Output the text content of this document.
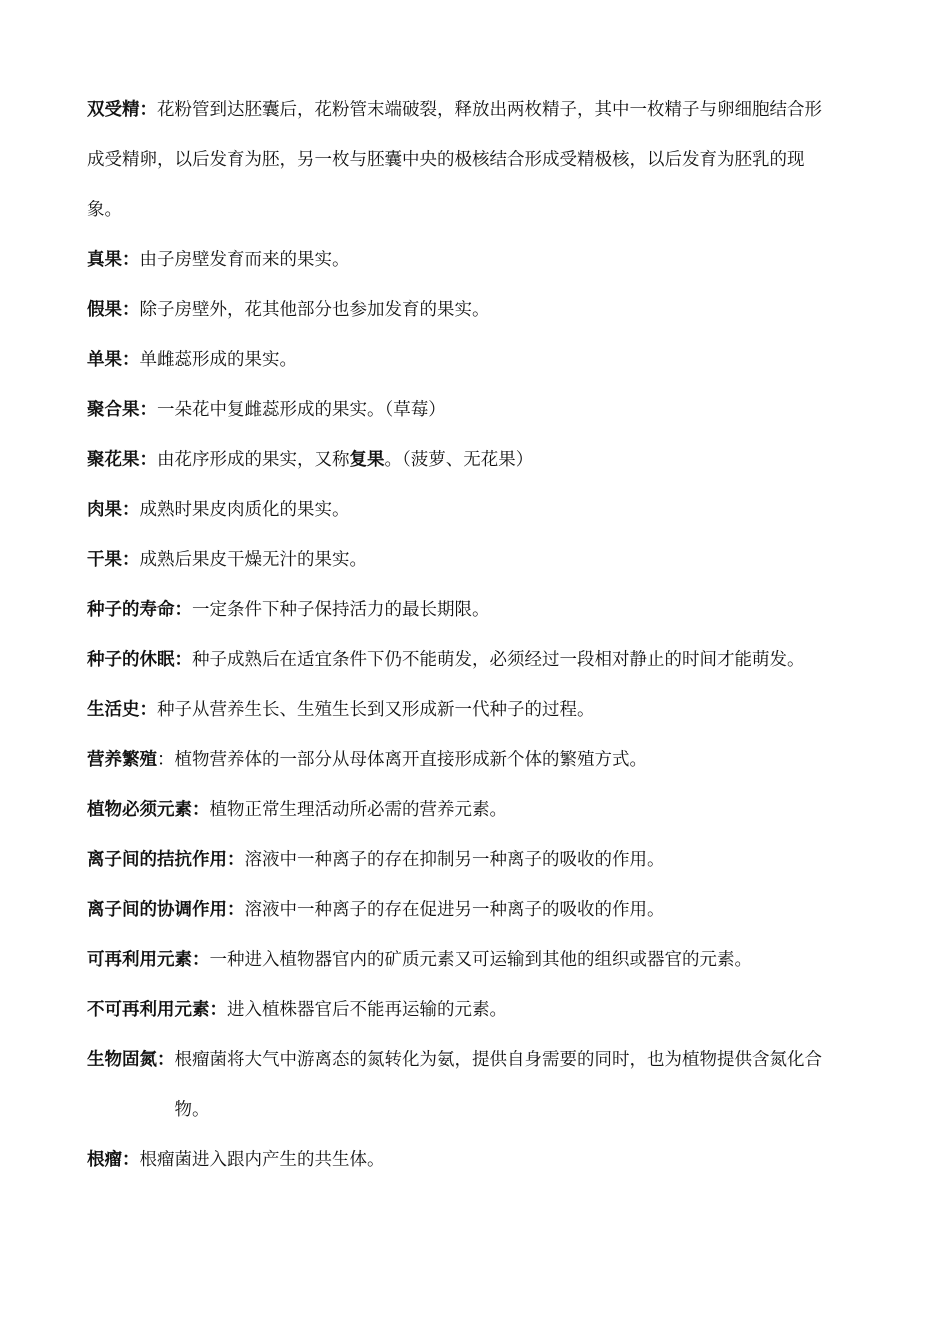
双受精：花粉管到达胚囊后，花粉管末端破裂，释放出两枚精子，其中一枚精子与卵细胞结合形成受精卵，以后发育为胚，另一枚与胚囊中央的极核结合形成受精极核，以后发育为胚乳的现象。

真果：由子房壁发育而来的果实。

假果：除子房壁外，花其他部分也参加发育的果实。

单果：单雌蕊形成的果实。

聚合果：一朵花中复雌蕊形成的果实。（草莓）

聚花果：由花序形成的果实，又称复果。（菠萝、无花果）

肉果：成熟时果皮肉质化的果实。

干果：成熟后果皮干燥无汁的果实。

种子的寿命：一定条件下种子保持活力的最长期限。

种子的休眠：种子成熟后在适宜条件下仍不能萌发，必须经过一段相对静止的时间才能萌发。

生活史：种子从营养生长、生殖生长到又形成新一代种子的过程。

营养繁殖：植物营养体的一部分从母体离开直接形成新个体的繁殖方式。

植物必须元素：植物正常生理活动所必需的营养元素。

离子间的拮抗作用：溶液中一种离子的存在抑制另一种离子的吸收的作用。

离子间的协调作用：溶液中一种离子的存在促进另一种离子的吸收的作用。

可再利用元素：一种进入植物器官内的矿质元素又可运输到其他的组织或器官的元素。

不可再利用元素：进入植株器官后不能再运输的元素。

生物固氮： 根瘤菌将大气中游离态的氮转化为氨，提供自身需要的同时，也为植物提供含氮化合物。

根瘤：根瘤菌进入跟内产生的共生体。
